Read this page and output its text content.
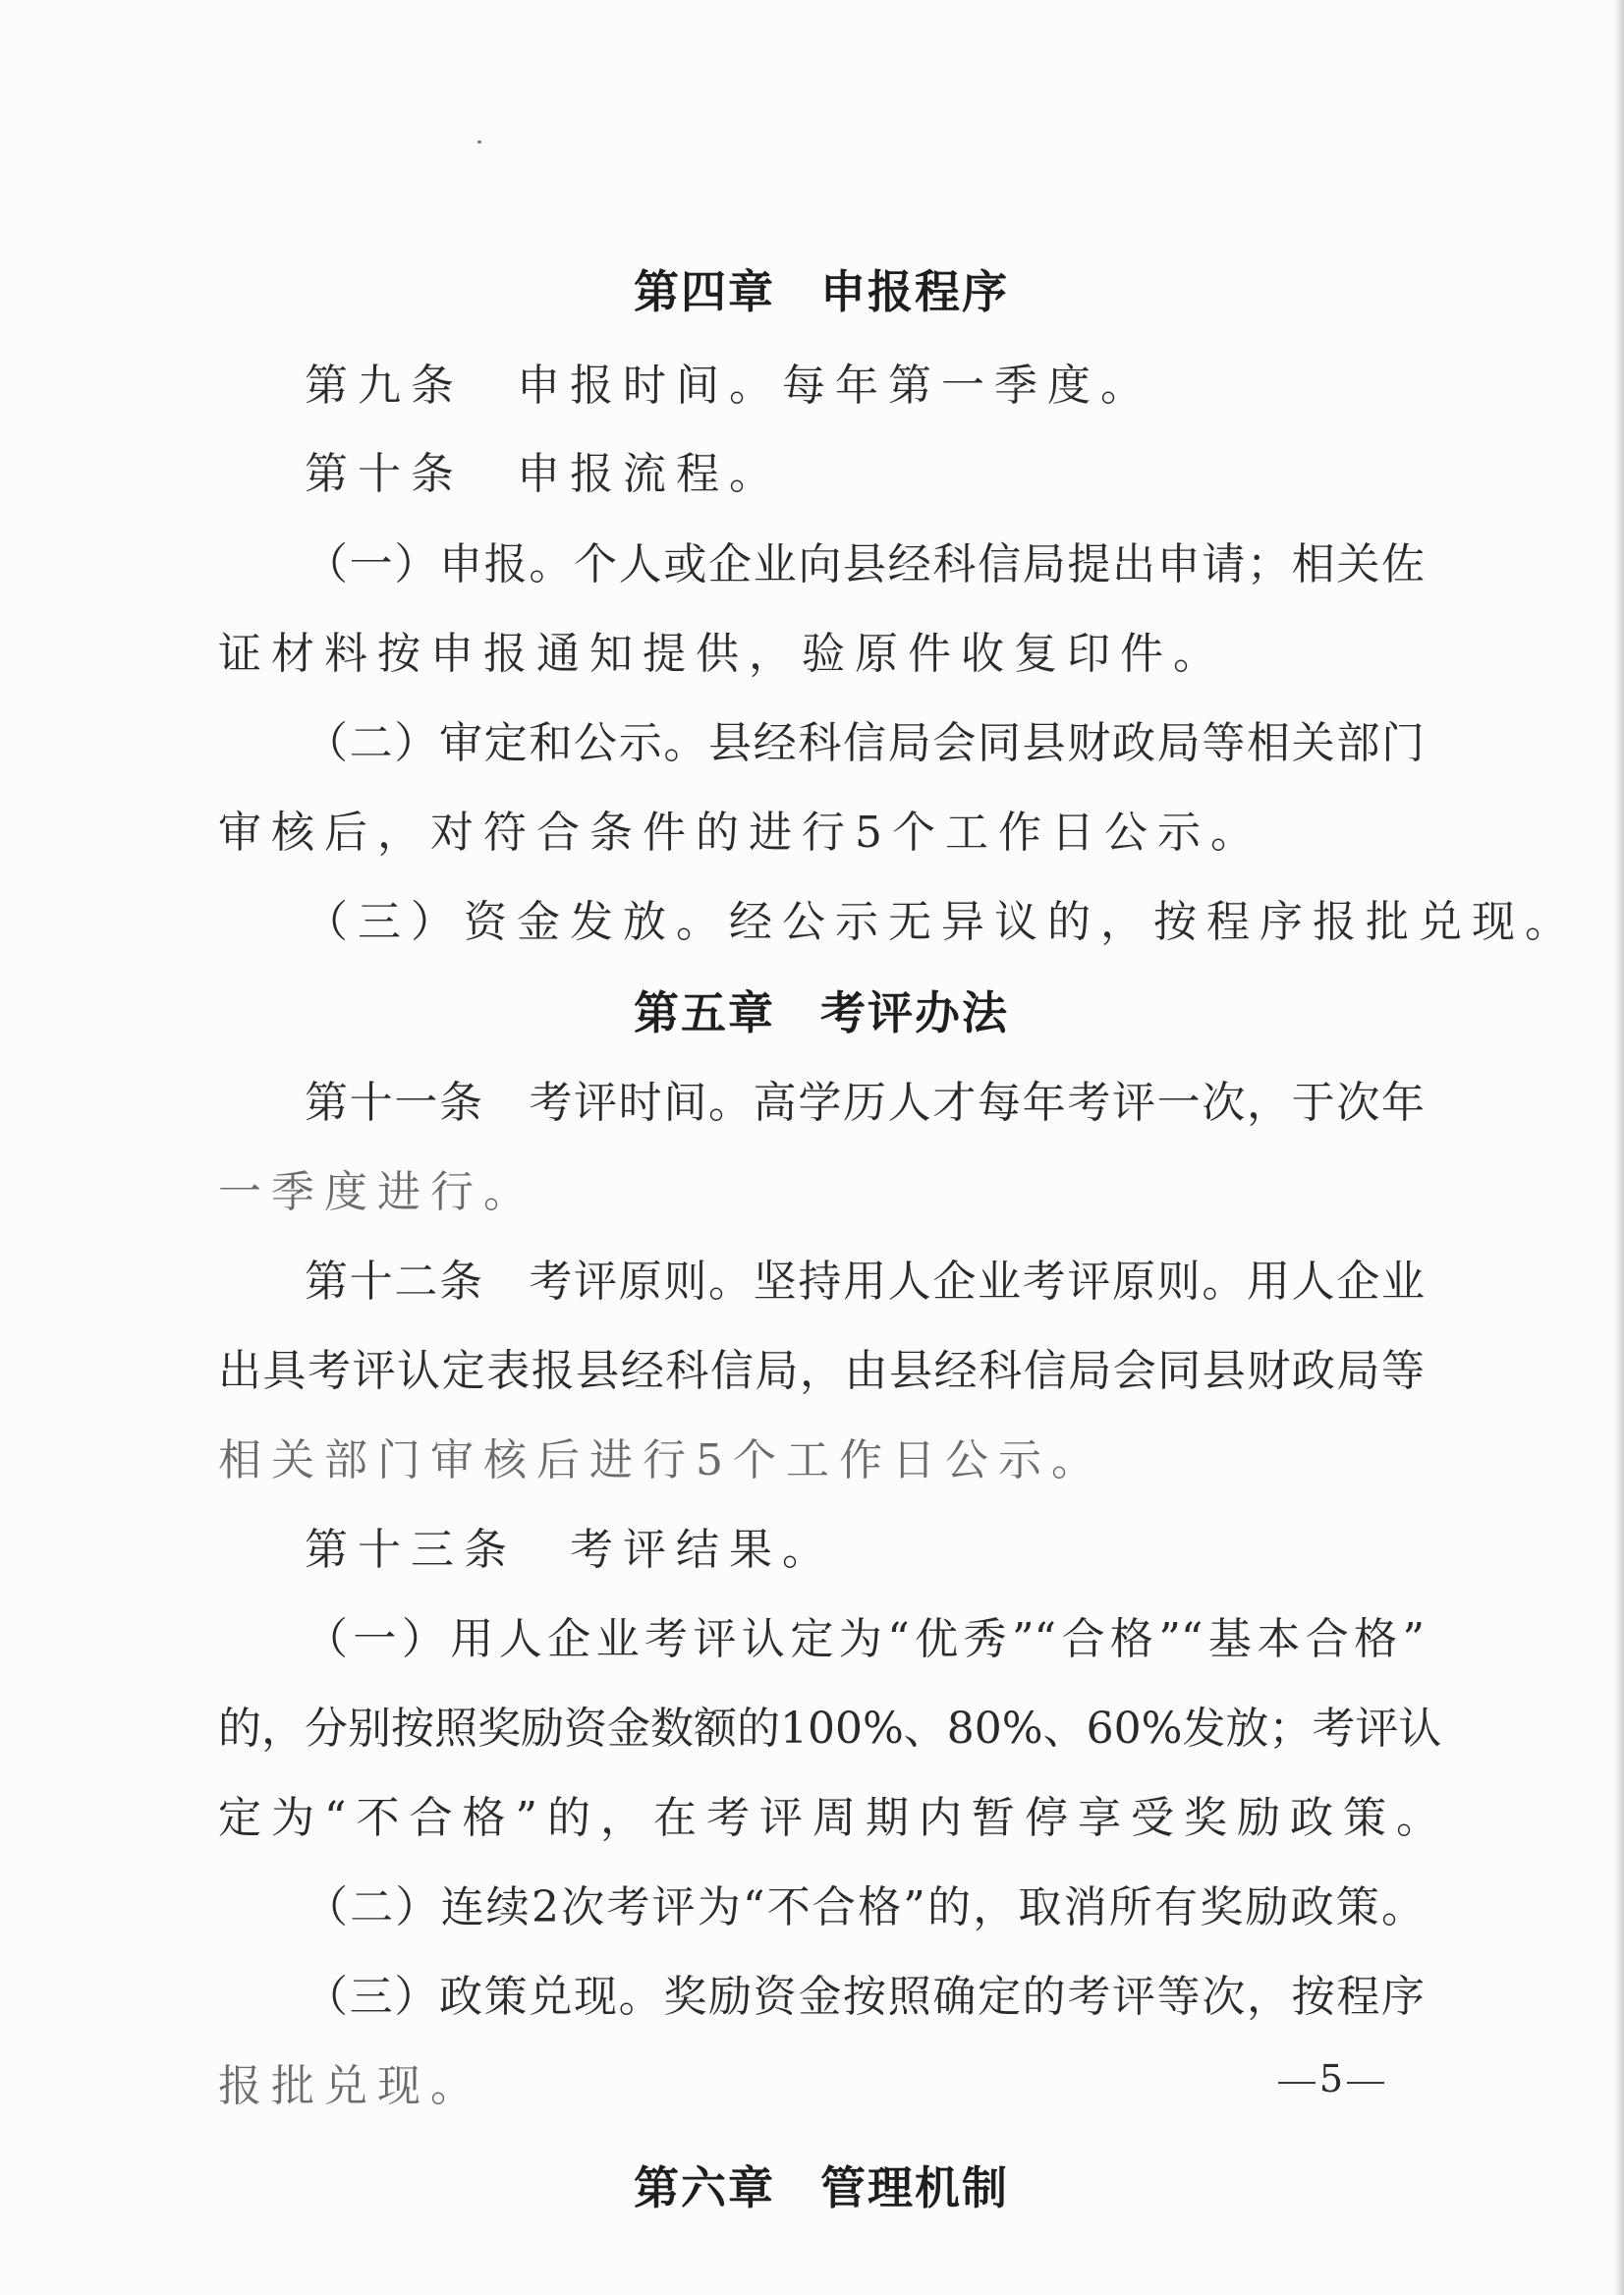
第四章 申报程序
第九条　申报时间。每年第一季度。
第十条　申报流程。
（一）申报。个人或企业向县经科信局提出申请；相关佐
证材料按申报通知提供，验原件收复印件。
（二）审定和公示。县经科信局会同县财政局等相关部门
审核后，对符合条件的进行5个工作日公示。
（三）资金发放。经公示无异议的，按程序报批兑现。
第五章 考评办法
第十一条　考评时间。高学历人才每年考评一次，于次年
一季度进行。
第十二条　考评原则。坚持用人企业考评原则。用人企业
出具考评认定表报县经科信局，由县经科信局会同县财政局等
相关部门审核后进行5个工作日公示。
第十三条　考评结果。
（一）用人企业考评认定为“优秀”“合格”“基本合格”
的，分别按照奖励资金数额的100%、80%、60%发放；考评认
定为“不合格”的，在考评周期内暂停享受奖励政策。
（二）连续2次考评为“不合格”的，取消所有奖励政策。
（三）政策兑现。奖励资金按照确定的考评等次，按程序
报批兑现。
第六章 管理机制
5
